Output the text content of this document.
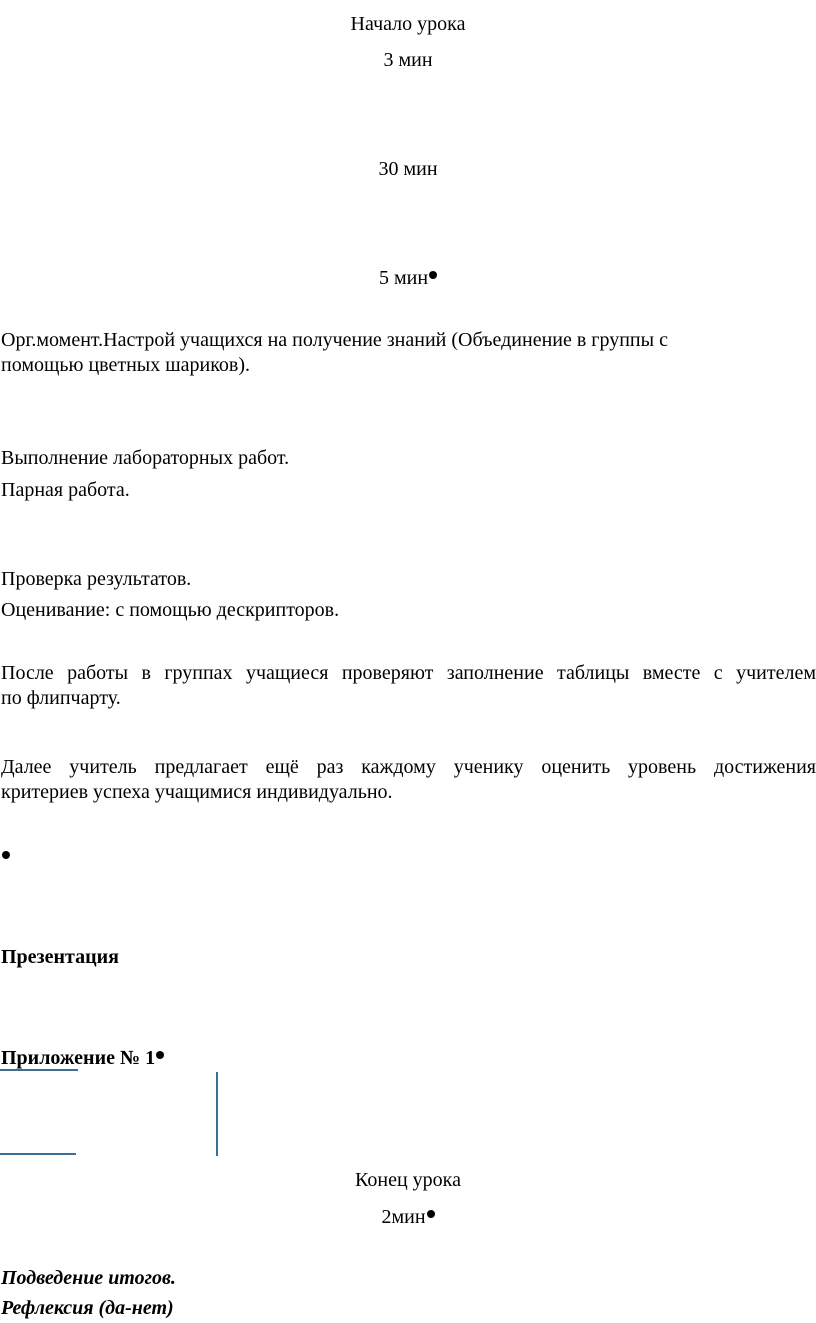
Начало урока
3 мин
30 мин
5 мин
Орг.момент.Настрой учащихся на получение знаний (Объединение в группы с
помощью цветных шариков).
Выполнение лабораторных работ.
Парная работа.
Проверка результатов.
Оценивание: с помощью дескрипторов.
После работы в группах учащиеся проверяют заполнение таблицы вместе с учителем
по флипчарту.
Далее учитель предлагает ещё раз каждому ученику оценить уровень достижения
критериев успеха учащимися индивидуально.
Презентация
Приложение № 1
Конец урока
2мин
Подведение итогов.
Рефлексия (да-нет)
